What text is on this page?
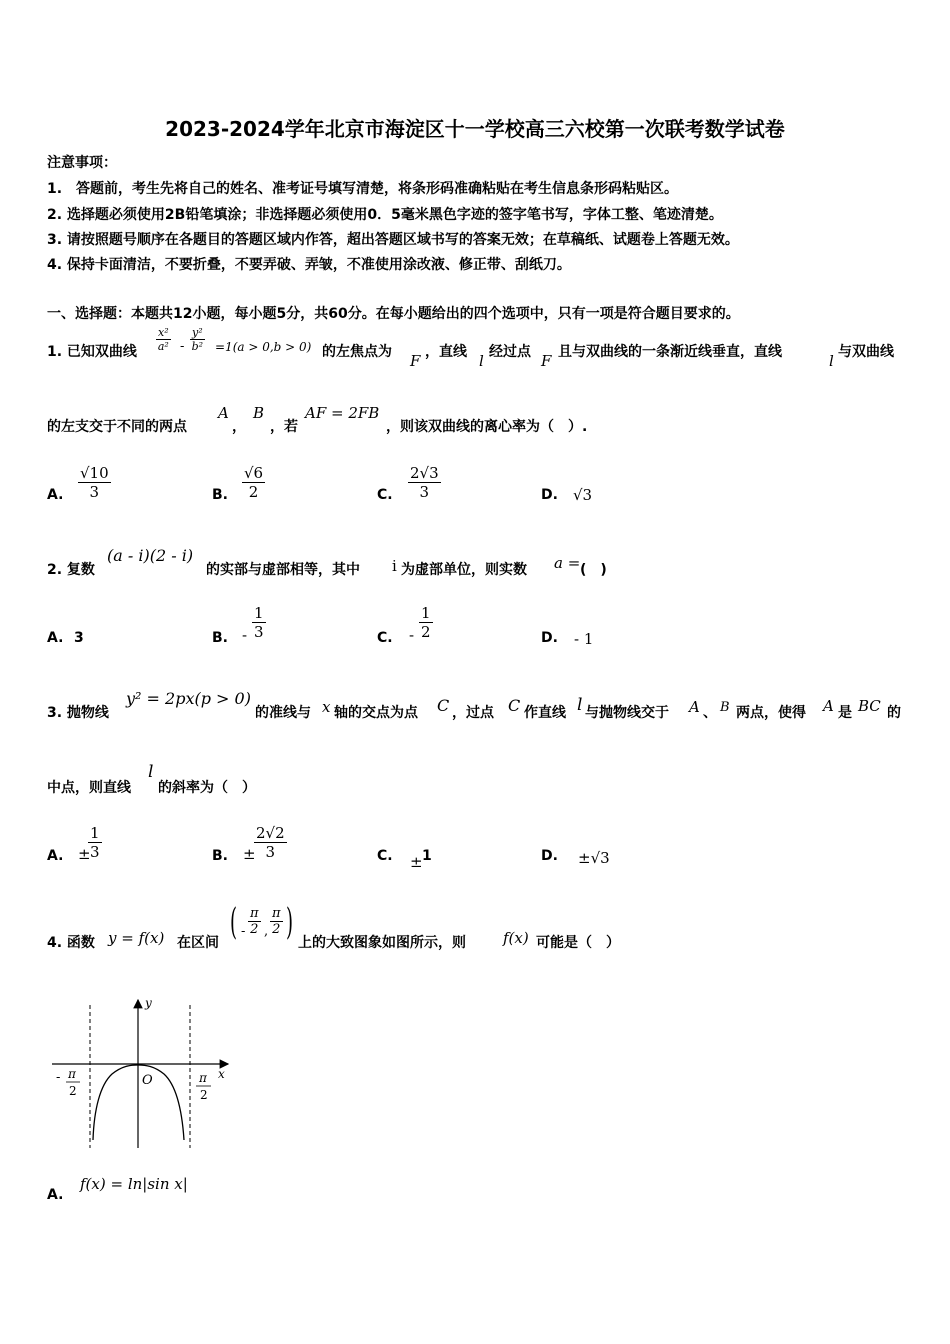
2023-2024学年北京市海淀区十一学校高三六校第一次联考数学试卷
注意事项：
1.　答题前，考生先将自己的姓名、准考证号填写清楚，将条形码准确粘贴在考生信息条形码粘贴区。
2. 选择题必须使用2B铅笔填涂；非选择题必须使用0．5毫米黑色字迹的签字笔书写，字体工整、笔迹清楚。
3. 请按照题号顺序在各题目的答题区域内作答，超出答题区域书写的答案无效；在草稿纸、试题卷上答题无效。
4. 保持卡面清洁，不要折叠，不要弄破、弄皱，不准使用涂改液、修正带、刮纸刀。
一、选择题：本题共12小题，每小题5分，共60分。在每小题给出的四个选项中，只有一项是符合题目要求的。
1. 已知双曲线 $\frac{\text{x²}}{\text{a²}} - \frac{\text{y²}}{\text{b²}} =1(a > 0,b > 0)$ 的左焦点为 F ，直线 l 经过点 F 且与双曲线的一条渐近线垂直，直线	l 与双曲线
的左支交于不同的两点
A
，
B
，若
AF = 2FB
，则该双曲线的离心率为（　）.
A. $\frac{√10}{3}$	B. $\frac{√6}{2}$	C. $\frac{2√3}{3}$	D. √3
2. 复数
(a - i)(2 - i)
的实部与虚部相等，其中 i 为虚部单位，则实数 a = (　)
A. 3	B. - $\frac{1}{3}$	C. - $\frac{1}{2}$	D. - 1
3. 抛物线
y² = 2px(p > 0)
的准线与 x 轴的交点为点 C ，过点 C 作直线 l 与抛物线交于 A 、 B 两点，使得 A 是 BC 的
中点，则直线
l
的斜率为（　）
A. ±
$\frac{1}{3}$	B. ±
$\frac{2√2}{3}$	C. ± 1	D. ±√3
4. 函数 y = f(x) 在区间 ( - $\frac{\pi}{2}$ , $\frac{\pi}{2}$ ) 上的大致图象如图所示，则 f(x) 可能是（　）
y
x
O
- π
2
π
2
A.
f(x) = ln|sin x|
